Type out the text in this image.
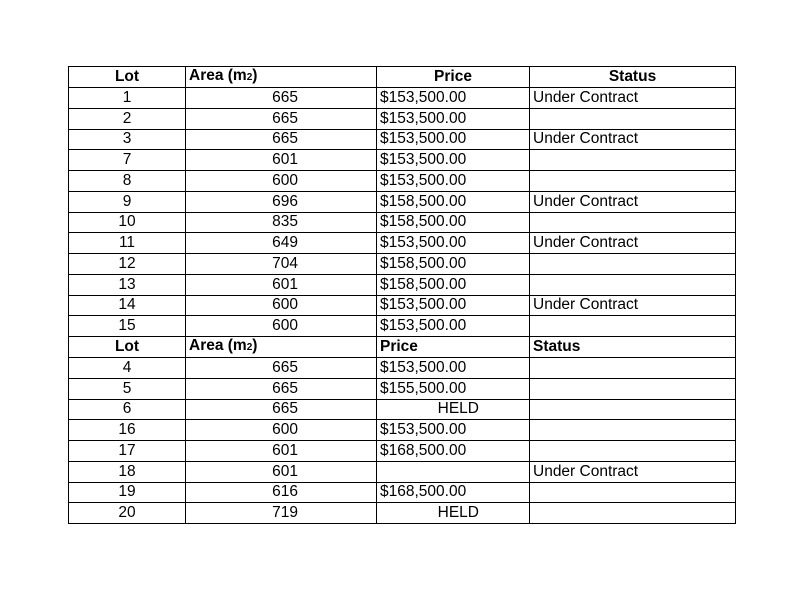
Lot	Area (m2)	Price	Status
1	665	$153,500.00	Under Contract
2	665	$153,500.00	
3	665	$153,500.00	Under Contract
7	601	$153,500.00	
8	600	$153,500.00	
9	696	$158,500.00	Under Contract
10	835	$158,500.00	
11	649	$153,500.00	Under Contract
12	704	$158,500.00	
13	601	$158,500.00	
14	600	$153,500.00	Under Contract
15	600	$153,500.00	
Lot	Area (m2)	Price	Status
4	665	$153,500.00	
5	665	$155,500.00	
6	665	HELD	
16	600	$153,500.00	
17	601	$168,500.00	
18	601		Under Contract
19	616	$168,500.00	
20	719	HELD	
